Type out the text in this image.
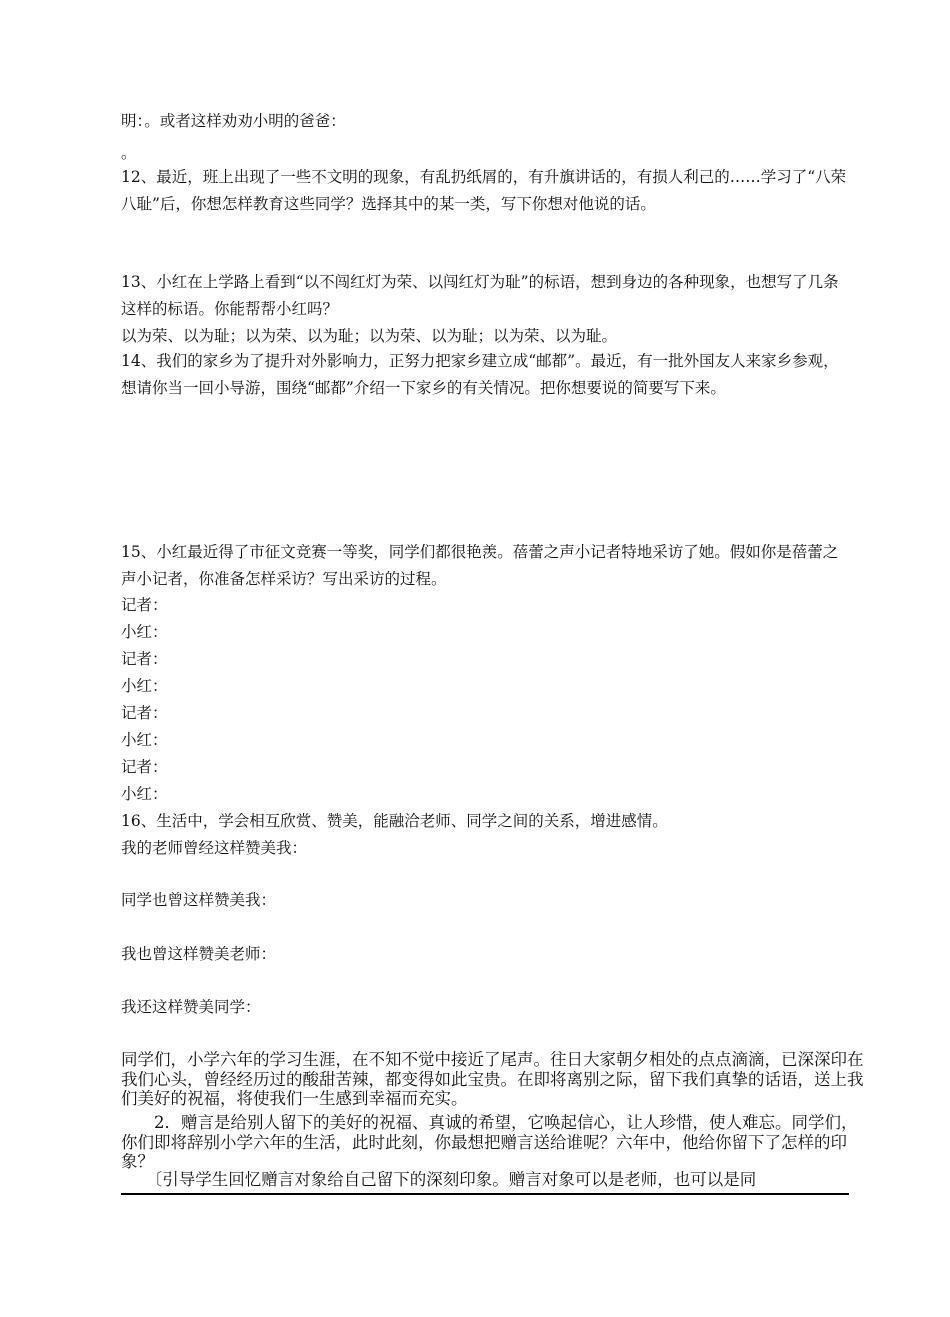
明：。或者这样劝劝小明的爸爸：
。
12、最近，班上出现了一些不文明的现象，有乱扔纸屑的，有升旗讲话的，有损人利己的……学习了“八荣八耻”后，你想怎样教育这些同学？选择其中的某一类，写下你想对他说的话。
13、小红在上学路上看到“以不闯红灯为荣、以闯红灯为耻”的标语，想到身边的各种现象，也想写了几条这样的标语。你能帮帮小红吗？
以为荣、以为耻；以为荣、以为耻；以为荣、以为耻；以为荣、以为耻。
14、我们的家乡为了提升对外影响力，正努力把家乡建立成“邮都”。最近，有一批外国友人来家乡参观，想请你当一回小导游，围绕“邮都”介绍一下家乡的有关情况。把你想要说的简要写下来。
15、小红最近得了市征文竞赛一等奖，同学们都很艳羡。蓓蕾之声小记者特地采访了她。假如你是蓓蕾之声小记者，你准备怎样采访？写出采访的过程。
记者：
小红：
记者：
小红：
记者：
小红：
记者：
小红：
16、生活中，学会相互欣赏、赞美，能融洽老师、同学之间的关系，增进感情。
我的老师曾经这样赞美我：
同学也曾这样赞美我：
我也曾这样赞美老师：
我还这样赞美同学：
同学们，小学六年的学习生涯，在不知不觉中接近了尾声。往日大家朝夕相处的点点滴滴，已深深印在我们心头，曾经经历过的酸甜苦辣，都变得如此宝贵。在即将离别之际，留下我们真挚的话语，送上我们美好的祝福，将使我们一生感到幸福而充实。
　　2．赠言是给别人留下的美好的祝福、真诚的希望，它唤起信心，让人珍惜，使人难忘。同学们，你们即将辞别小学六年的生活，此时此刻，你最想把赠言送给谁呢？六年中，他给你留下了怎样的印象？
　　〔引导学生回忆赠言对象给自己留下的深刻印象。赠言对象可以是老师，也可以是同
